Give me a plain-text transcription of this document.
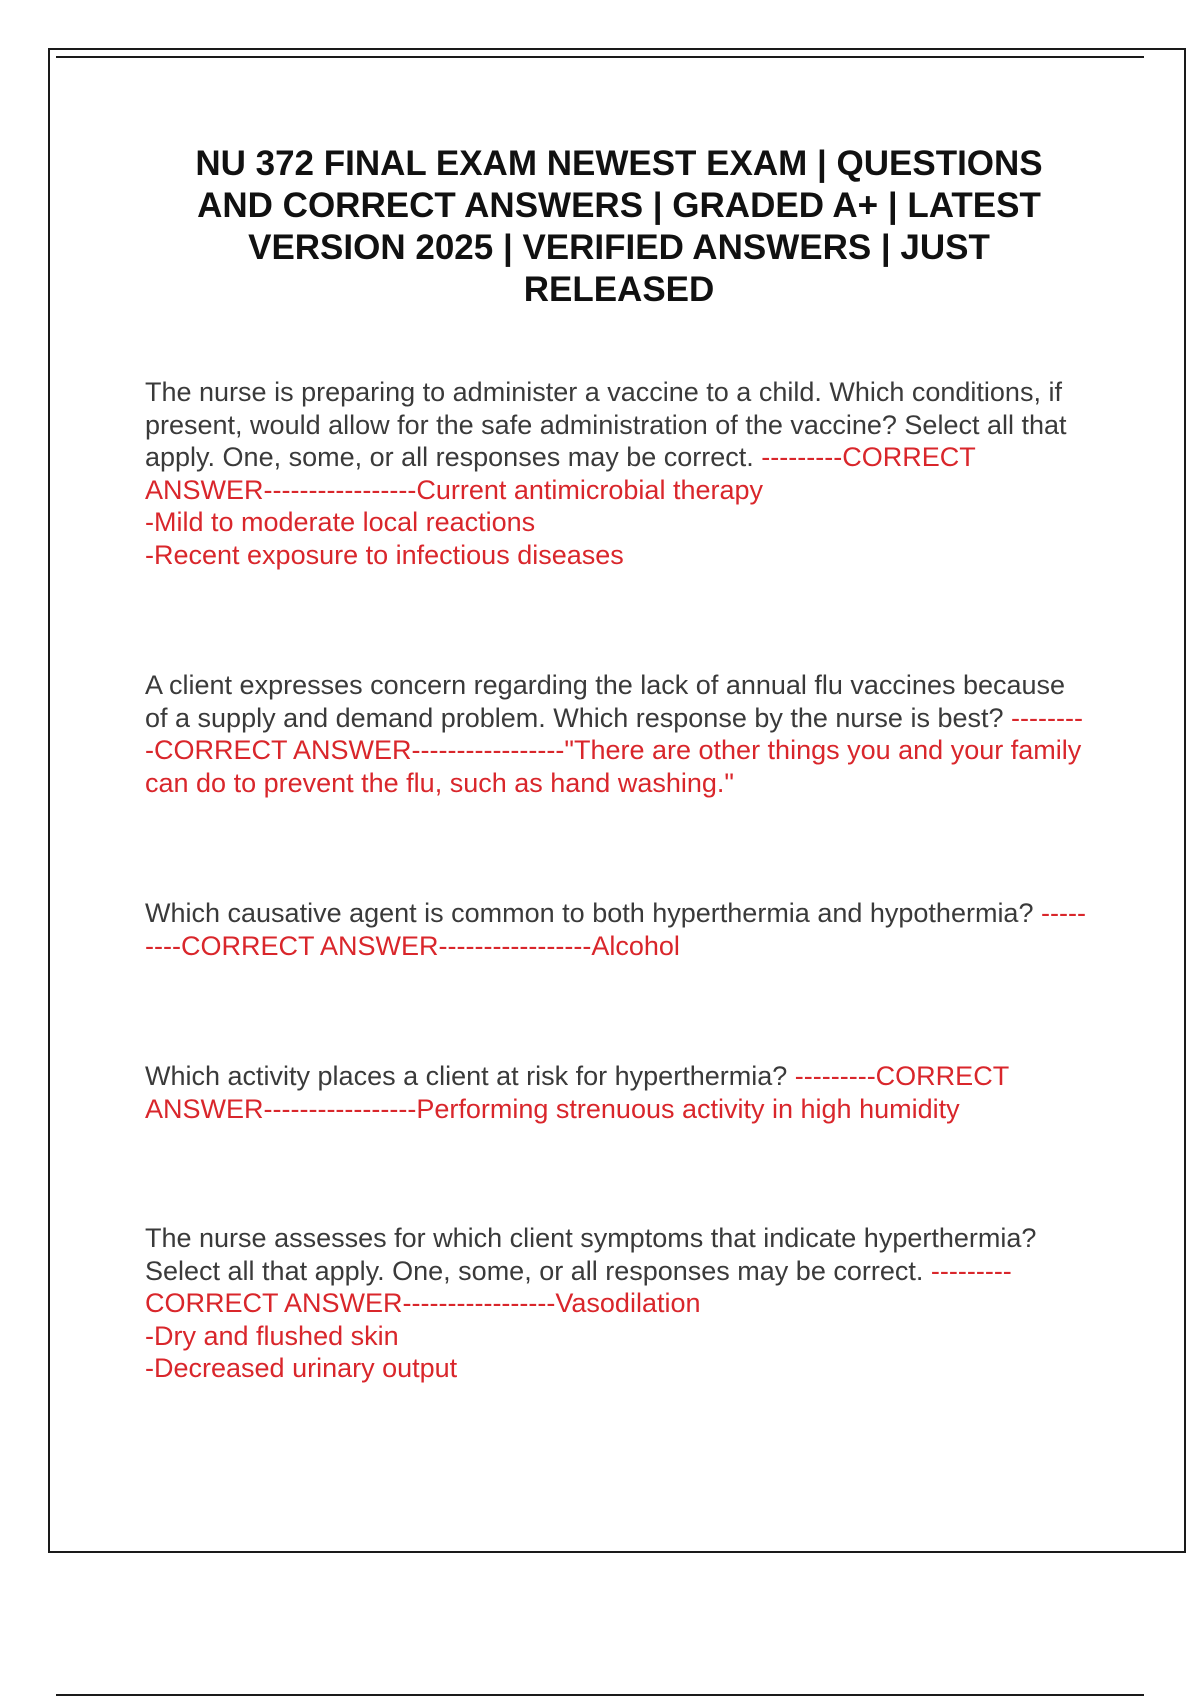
NU 372 FINAL EXAM NEWEST EXAM | QUESTIONS AND CORRECT ANSWERS | GRADED A+ | LATEST VERSION 2025 | VERIFIED ANSWERS | JUST RELEASED

The nurse is preparing to administer a vaccine to a child. Which conditions, if present, would allow for the safe administration of the vaccine? Select all that apply. One, some, or all responses may be correct. ---------CORRECT ANSWER-----------------Current antimicrobial therapy
-Mild to moderate local reactions
-Recent exposure to infectious diseases

A client expresses concern regarding the lack of annual flu vaccines because of a supply and demand problem. Which response by the nurse is best? ---------CORRECT ANSWER-----------------"There are other things you and your family can do to prevent the flu, such as hand washing."

Which causative agent is common to both hyperthermia and hypothermia? ---------CORRECT ANSWER-----------------Alcohol

Which activity places a client at risk for hyperthermia? ---------CORRECT ANSWER-----------------Performing strenuous activity in high humidity

The nurse assesses for which client symptoms that indicate hyperthermia? Select all that apply. One, some, or all responses may be correct. ---------CORRECT ANSWER-----------------Vasodilation
-Dry and flushed skin
-Decreased urinary output
